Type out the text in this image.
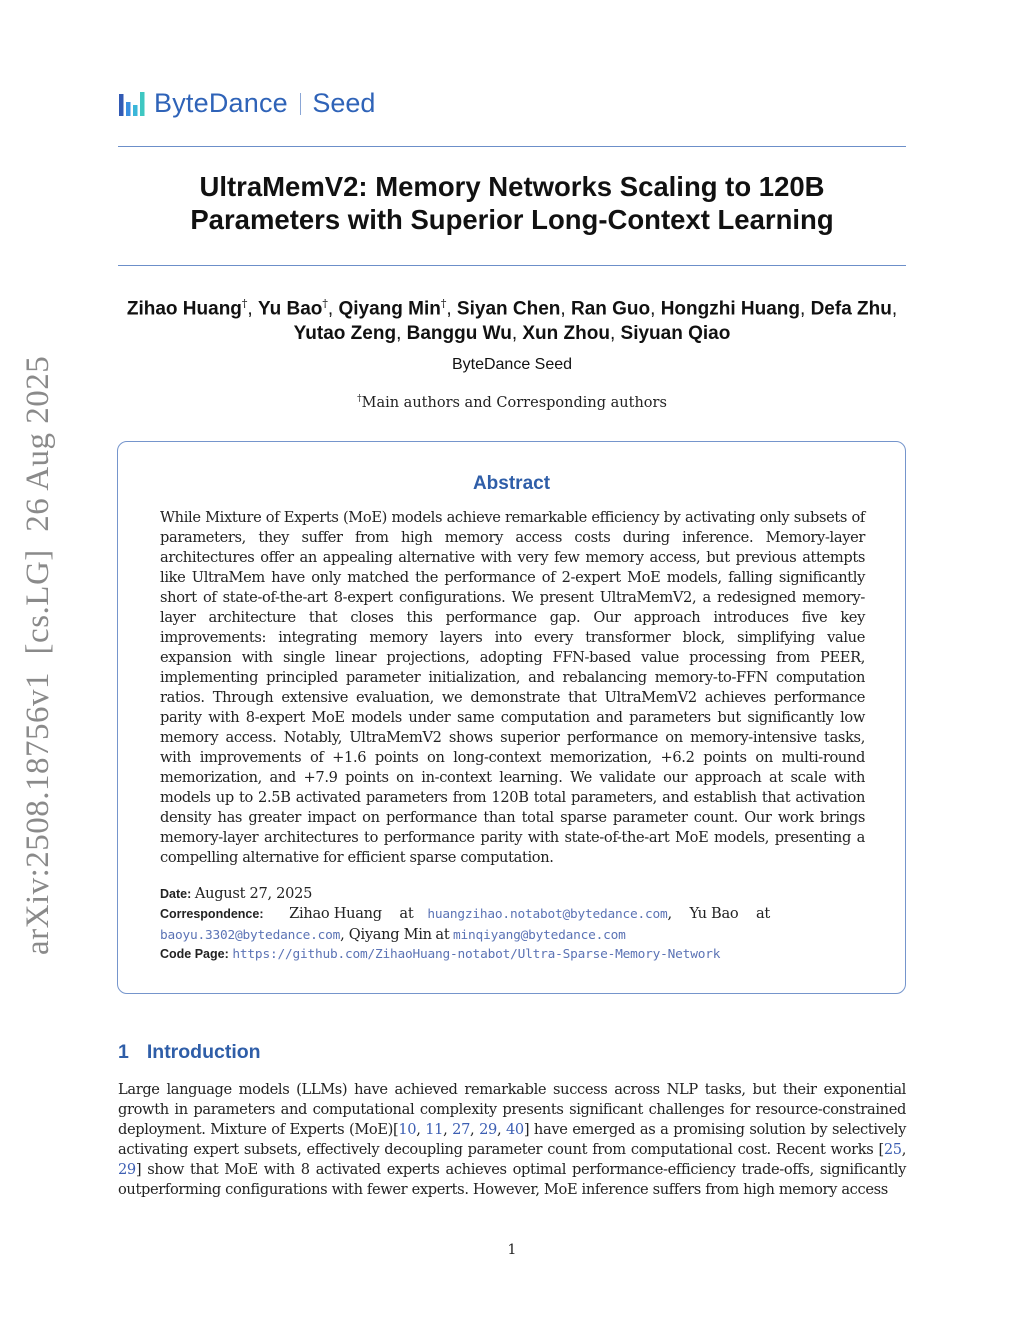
ByteDance Seed
UltraMemV2: Memory Networks Scaling to 120B
Parameters with Superior Long-Context Learning
Zihao Huang†, Yu Bao†, Qiyang Min†, Siyan Chen, Ran Guo, Hongzhi Huang, Defa Zhu, Yutao Zeng, Banggu Wu, Xun Zhou, Siyuan Qiao
ByteDance Seed
†Main authors and Corresponding authors
Abstract

While Mixture of Experts (MoE) models achieve remarkable efficiency by activating only subsets of parameters, they suffer from high memory access costs during inference. Memory-layer architectures offer an appealing alternative with very few memory access, but previous attempts like UltraMem have only matched the performance of 2-expert MoE models, falling significantly short of state-of-the-art 8-expert configurations. We present UltraMemV2, a redesigned memory-layer architecture that closes this performance gap. Our approach introduces five key improvements: integrating memory layers into every transformer block, simplifying value expansion with single linear projections, adopting FFN-based value processing from PEER, implementing principled parameter initialization, and rebalancing memory-to-FFN computation ratios. Through extensive evaluation, we demonstrate that UltraMemV2 achieves performance parity with 8-expert MoE models under same computation and parameters but significantly low memory access. Notably, UltraMemV2 shows superior performance on memory-intensive tasks, with improvements of +1.6 points on long-context memorization, +6.2 points on multi-round memorization, and +7.9 points on in-context learning. We validate our approach at scale with models up to 2.5B activated parameters from 120B total parameters, and establish that activation density has greater impact on performance than total sparse parameter count. Our work brings memory-layer architectures to performance parity with state-of-the-art MoE models, presenting a compelling alternative for efficient sparse computation.

Date: August 27, 2025
Correspondence: Zihao Huang at huangzihao.notabot@bytedance.com, Yu Bao at
baoyu.3302@bytedance.com, Qiyang Min at minqiyang@bytedance.com
Code Page: https://github.com/ZihaoHuang-notabot/Ultra-Sparse-Memory-Network
arXiv:2508.18756v1  [cs.LG]  26 Aug 2025
1 Introduction

Large language models (LLMs) have achieved remarkable success across NLP tasks, but their exponential growth in parameters and computational complexity presents significant challenges for resource-constrained deployment. Mixture of Experts (MoE)[10, 11, 27, 29, 40] have emerged as a promising solution by selectively activating expert subsets, effectively decoupling parameter count from computational cost. Recent works [25, 29] show that MoE with 8 activated experts achieves optimal performance-efficiency trade-offs, significantly outperforming configurations with fewer experts. However, MoE inference suffers from high memory access

1
